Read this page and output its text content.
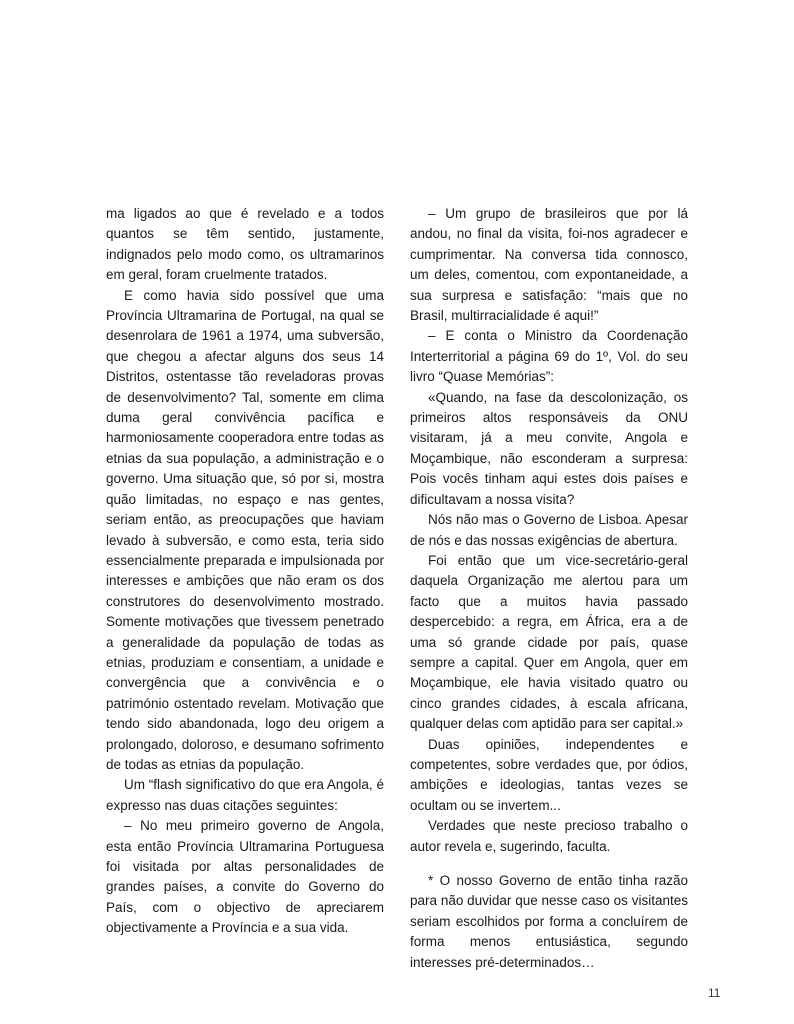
ma ligados ao que é revelado e a todos quantos se têm sentido, justamente, indignados pelo modo como, os ultramarinos em geral, foram cruelmente tratados.

E como havia sido possível que uma Província Ultramarina de Portugal, na qual se desenrolara de 1961 a 1974, uma subversão, que chegou a afectar alguns dos seus 14 Distritos, ostentasse tão reveladoras provas de desenvolvimento? Tal, somente em clima duma geral convivência pacífica e harmoniosamente cooperadora entre todas as etnias da sua população, a administração e o governo. Uma situação que, só por si, mostra quão limitadas, no espaço e nas gentes, seriam então, as preocupações que haviam levado à subversão, e como esta, teria sido essencialmente preparada e impulsionada por interesses e ambições que não eram os dos construtores do desenvolvimento mostrado. Somente motivações que tivessem penetrado a generalidade da população de todas as etnias, produziam e consentiam, a unidade e convergência que a convivência e o património ostentado revelam. Motivação que tendo sido abandonada, logo deu origem a prolongado, doloroso, e desumano sofrimento de todas as etnias da população.

Um “flash significativo do que era Angola, é expresso nas duas citações seguintes:

– No meu primeiro governo de Angola, esta então Província Ultramarina Portuguesa foi visitada por altas personalidades de grandes países, a convite do Governo do País, com o objectivo de apreciarem objectivamente a Província e a sua vida.

– Um grupo de brasileiros que por lá andou, no final da visita, foi-nos agradecer e cumprimentar. Na conversa tida connosco, um deles, comentou, com expontaneidade, a sua surpresa e satisfação: “mais que no Brasil, multirracialidade é aqui!”

– E conta o Ministro da Coordenação Interterritorial a página 69 do 1º, Vol. do seu livro “Quase Memórias”:

«Quando, na fase da descolonização, os primeiros altos responsáveis da ONU visitaram, já a meu convite, Angola e Moçambique, não esconderam a surpresa: Pois vocês tinham aqui estes dois países e dificultavam a nossa visita?

Nós não mas o Governo de Lisboa. Apesar de nós e das nossas exigências de abertura.

Foi então que um vice-secretário-geral daquela Organização me alertou para um facto que a muitos havia passado despercebido: a regra, em África, era a de uma só grande cidade por país, quase sempre a capital. Quer em Angola, quer em Moçambique, ele havia visitado quatro ou cinco grandes cidades, à escala africana, qualquer delas com aptidão para ser capital.»

Duas opiniões, independentes e competentes, sobre verdades que, por ódios, ambições e ideologias, tantas vezes se ocultam ou se invertem...

Verdades que neste precioso trabalho o autor revela e, sugerindo, faculta.

* O nosso Governo de então tinha razão para não duvidar que nesse caso os visitantes seriam escolhidos por forma a concluírem de forma menos entusiástica, segundo interesses pré-determinados…

11
